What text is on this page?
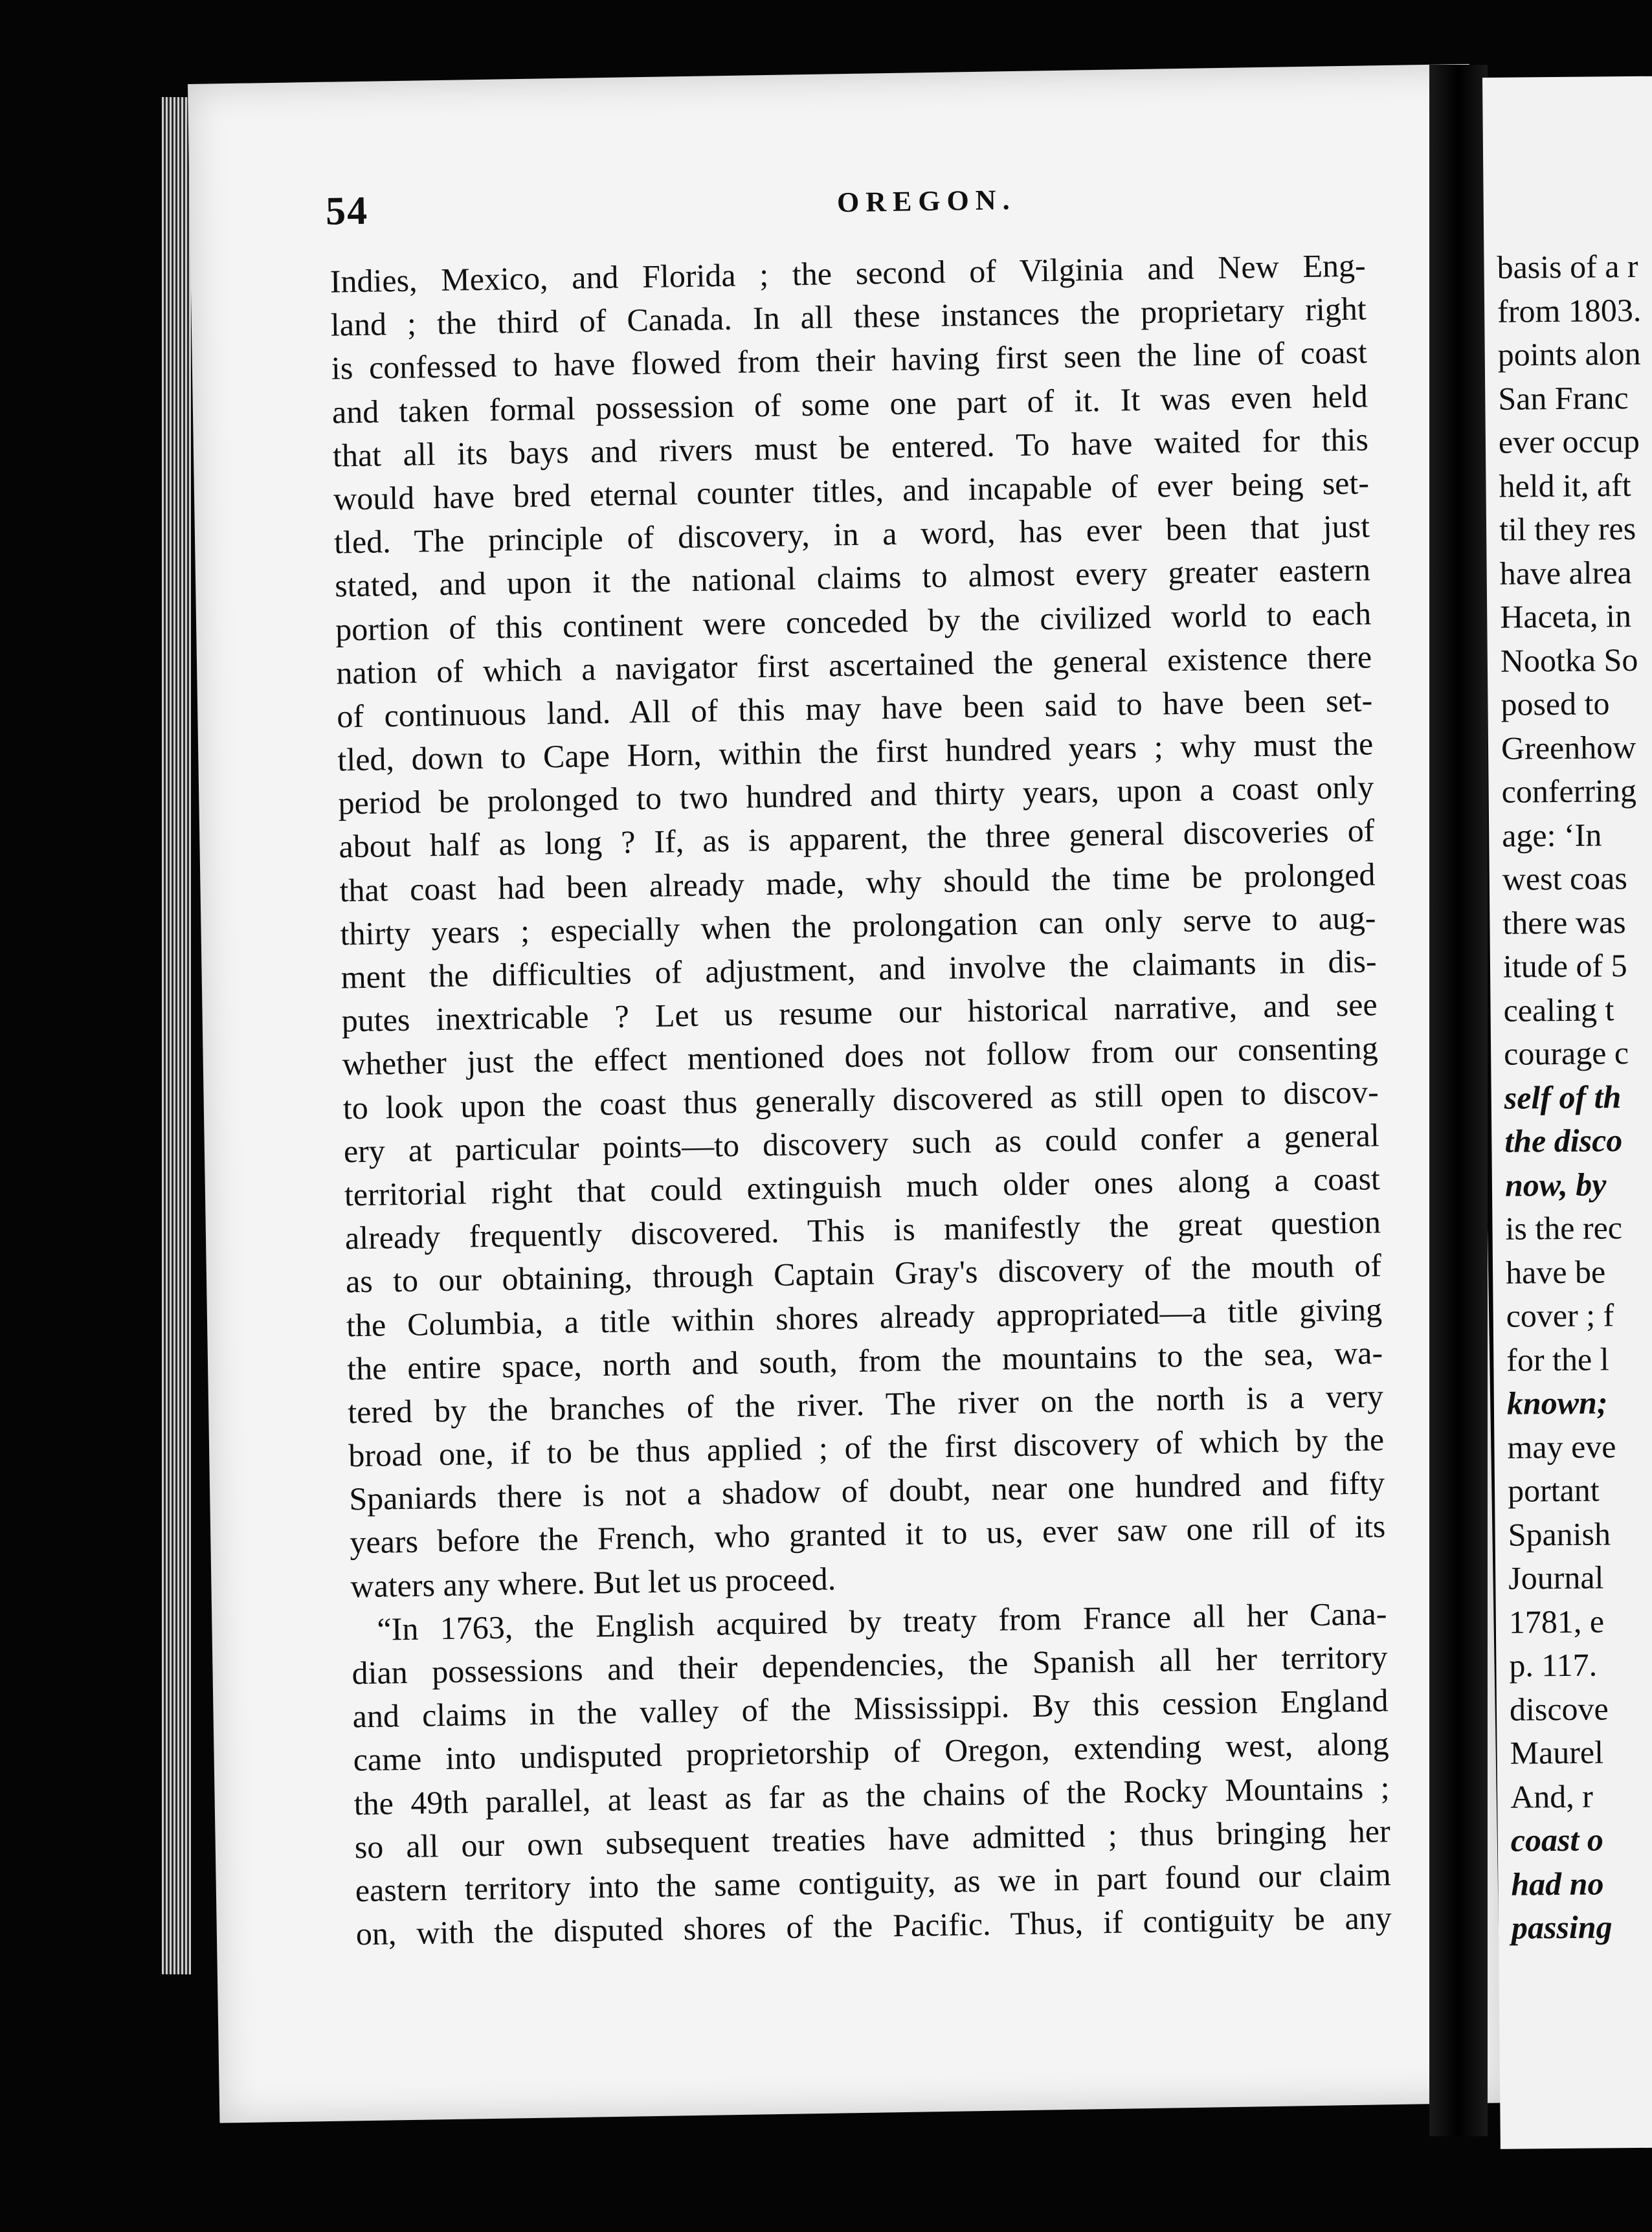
54	OREGON.
Indies, Mexico, and Florida ; the second of Vilginia and New Eng-
land ; the third of Canada. In all these instances the proprietary right
is confessed to have flowed from their having first seen the line of coast
and taken formal possession of some one part of it. It was even held
that all its bays and rivers must be entered. To have waited for this
would have bred eternal counter titles, and incapable of ever being set-
tled. The principle of discovery, in a word, has ever been that just
stated, and upon it the national claims to almost every greater eastern
portion of this continent were conceded by the civilized world to each
nation of which a navigator first ascertained the general existence there
of continuous land. All of this may have been said to have been set-
tled, down to Cape Horn, within the first hundred years ; why must the
period be prolonged to two hundred and thirty years, upon a coast only
about half as long ? If, as is apparent, the three general discoveries of
that coast had been already made, why should the time be prolonged
thirty years ; especially when the prolongation can only serve to aug-
ment the difficulties of adjustment, and involve the claimants in dis-
putes inextricable ? Let us resume our historical narrative, and see
whether just the effect mentioned does not follow from our consenting
to look upon the coast thus generally discovered as still open to discov-
ery at particular points—to discovery such as could confer a general
territorial right that could extinguish much older ones along a coast
already frequently discovered. This is manifestly the great question
as to our obtaining, through Captain Gray's discovery of the mouth of
the Columbia, a title within shores already appropriated—a title giving
the entire space, north and south, from the mountains to the sea, wa-
tered by the branches of the river. The river on the north is a very
broad one, if to be thus applied ; of the first discovery of which by the
Spaniards there is not a shadow of doubt, near one hundred and fifty
years before the French, who granted it to us, ever saw one rill of its
waters any where. But let us proceed.
“In 1763, the English acquired by treaty from France all her Cana-
dian possessions and their dependencies, the Spanish all her territory
and claims in the valley of the Mississippi. By this cession England
came into undisputed proprietorship of Oregon, extending west, along
the 49th parallel, at least as far as the chains of the Rocky Mountains ;
so all our own subsequent treaties have admitted ; thus bringing her
eastern territory into the same contiguity, as we in part found our claim
on, with the disputed shores of the Pacific. Thus, if contiguity be any
basis of a r
from 1803.
points alon
San Franc
ever occup
held it, aft
til they res
have alrea
Haceta, in
Nootka So
posed to
Greenhow
conferring
age: ‘In
west coas
there was
itude of 5
cealing t
courage c
self of th
the disco
now, by
is the rec
have be
cover ; f
for the l
known;
may eve
portant
Spanish
Journal
1781, e
p. 117.
discove
Maurel
And, r
coast o
had no
passing
